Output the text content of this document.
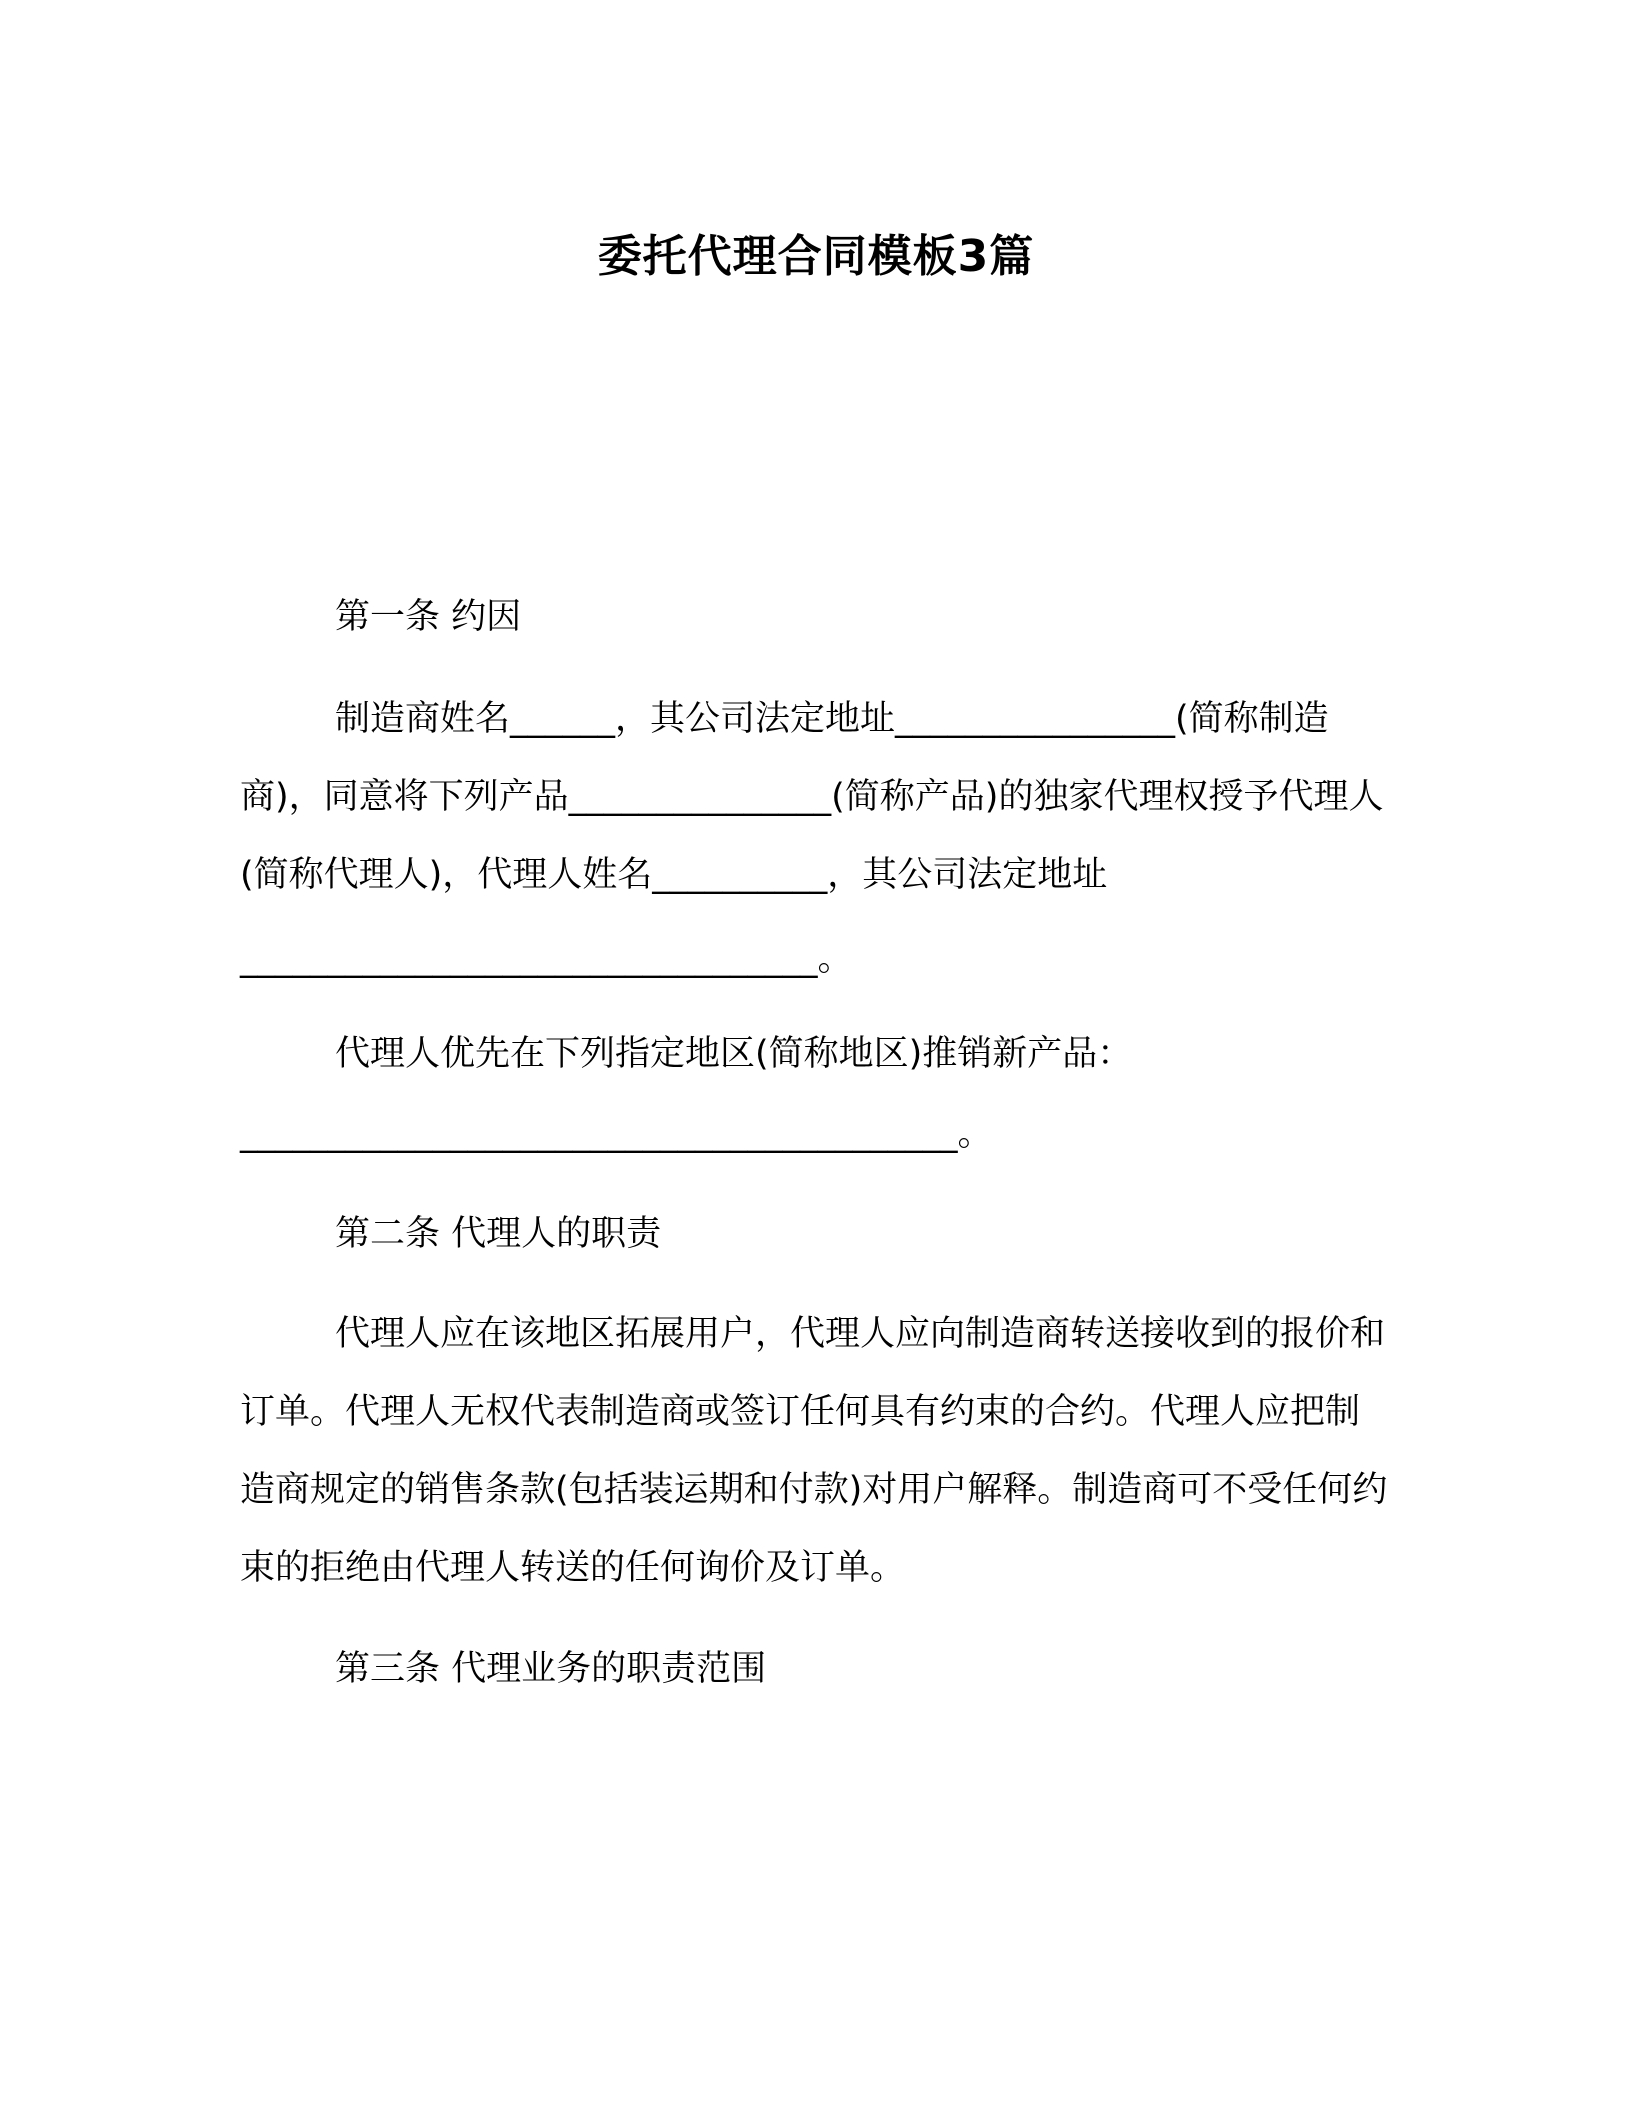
委托代理合同模板3篇

第一条 约因

制造商姓名______，其公司法定地址________________(简称制造商)，同意将下列产品_______________(简称产品)的独家代理权授予代理人(简称代理人)，代理人姓名__________，其公司法定地址

_________________________________。

代理人优先在下列指定地区(简称地区)推销新产品：

_________________________________________。

第二条 代理人的职责

代理人应在该地区拓展用户，代理人应向制造商转送接收到的报价和订单。代理人无权代表制造商或签订任何具有约束的合约。代理人应把制造商规定的销售条款(包括装运期和付款)对用户解释。制造商可不受任何约束的拒绝由代理人转送的任何询价及订单。

第三条 代理业务的职责范围
